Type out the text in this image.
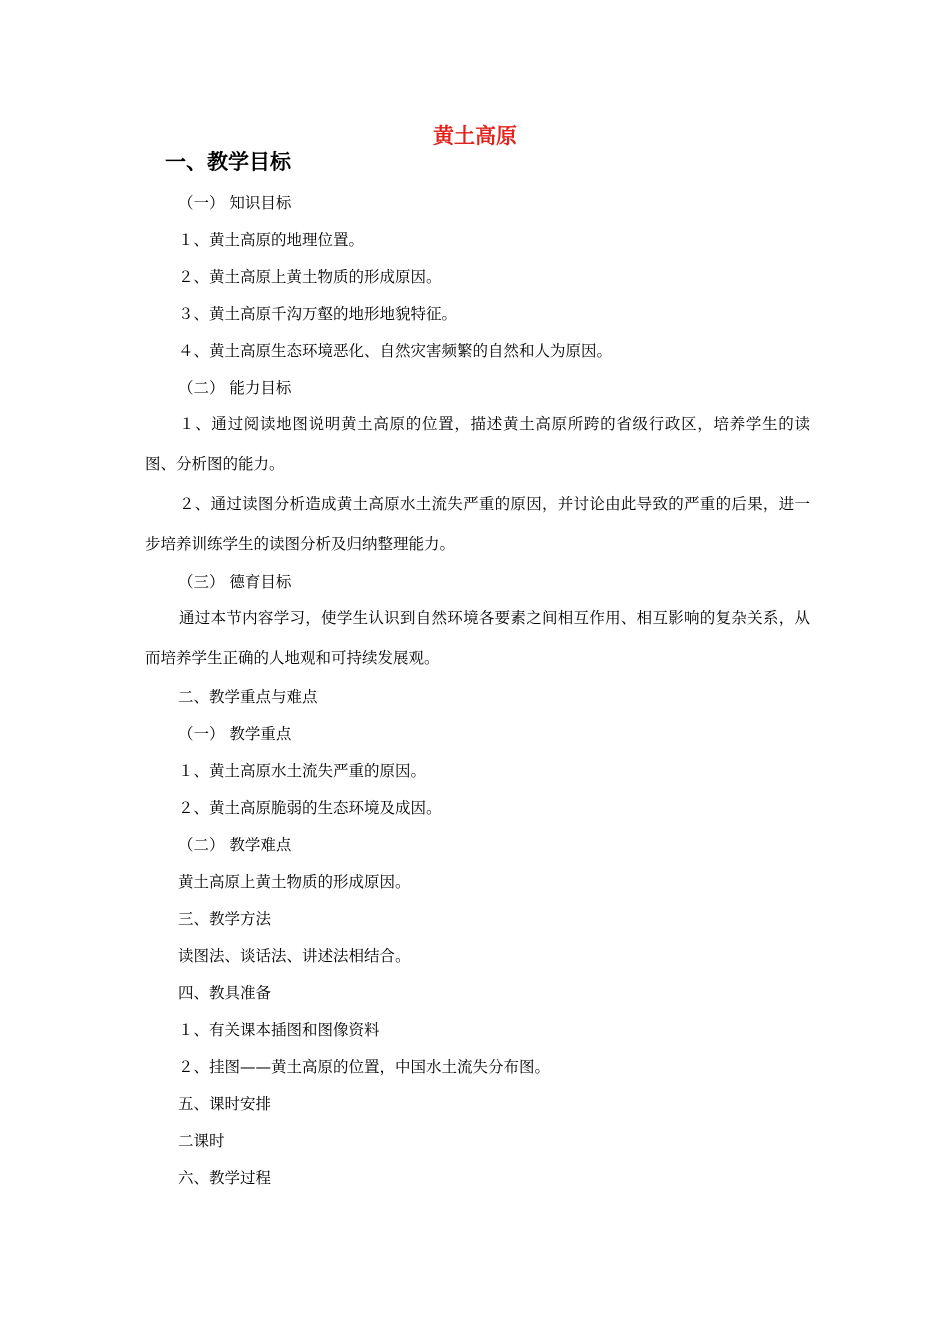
黄土高原
一、教学目标
（一） 知识目标
１、黄土高原的地理位置。
２、黄土高原上黄土物质的形成原因。
３、黄土高原千沟万壑的地形地貌特征。
４、黄土高原生态环境恶化、自然灾害频繁的自然和人为原因。
（二） 能力目标
１、通过阅读地图说明黄土高原的位置，描述黄土高原所跨的省级行政区，培养学生的读图、分析图的能力。
２、通过读图分析造成黄土高原水土流失严重的原因，并讨论由此导致的严重的后果，进一步培养训练学生的读图分析及归纳整理能力。
（三） 德育目标
通过本节内容学习，使学生认识到自然环境各要素之间相互作用、相互影响的复杂关系，从而培养学生正确的人地观和可持续发展观。
二、教学重点与难点
（一） 教学重点
１、黄土高原水土流失严重的原因。
２、黄土高原脆弱的生态环境及成因。
（二） 教学难点
黄土高原上黄土物质的形成原因。
三、教学方法
读图法、谈话法、讲述法相结合。
四、教具准备
１、有关课本插图和图像资料
２、挂图——黄土高原的位置，中国水土流失分布图。
五、课时安排
二课时
六、教学过程
